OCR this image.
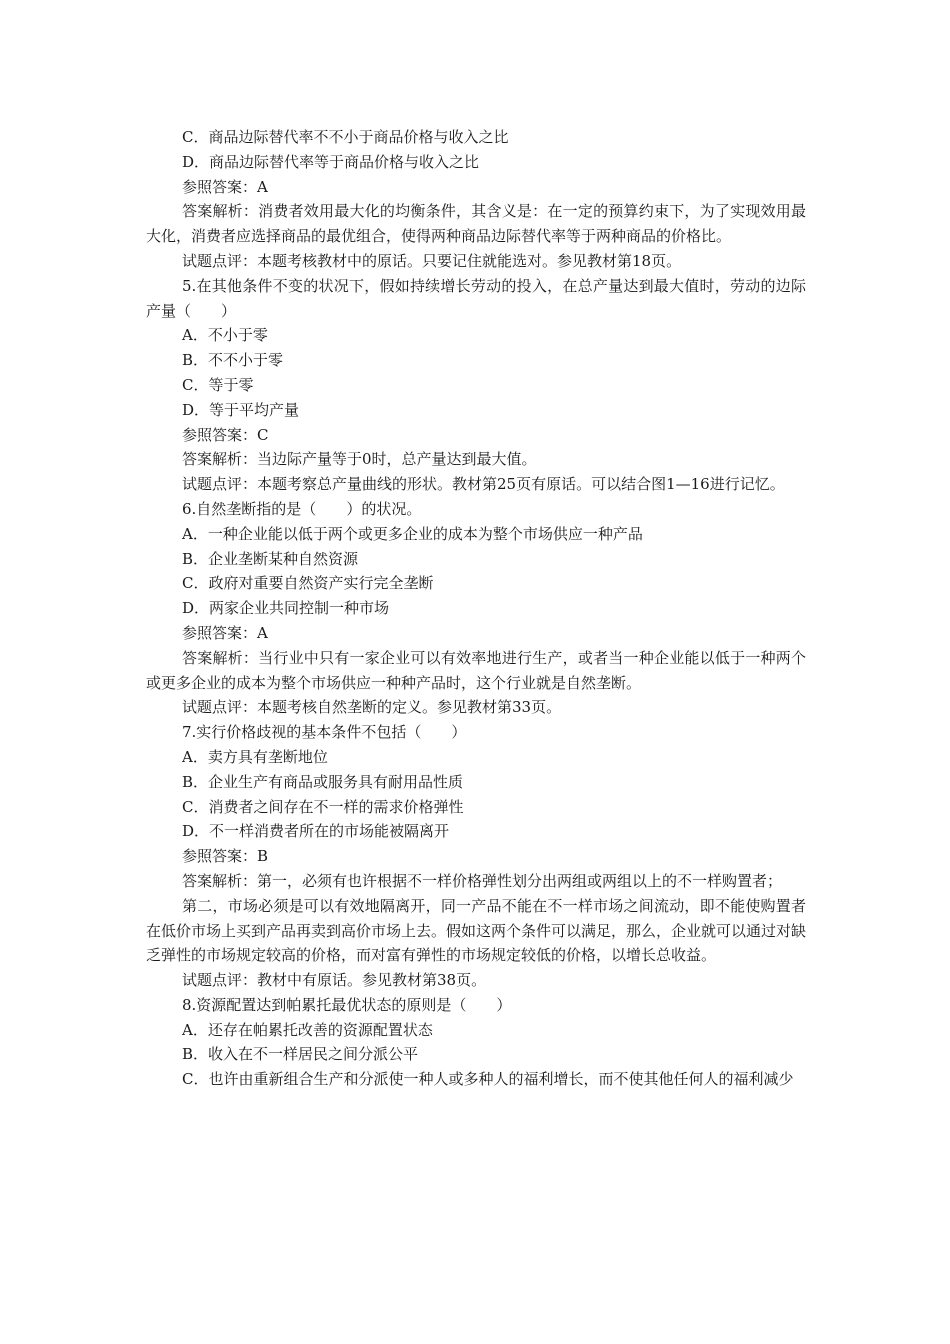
C．商品边际替代率不不小于商品价格与收入之比

D．商品边际替代率等于商品价格与收入之比

参照答案：A

答案解析：消费者效用最大化的均衡条件，其含义是：在一定的预算约束下，为了实现效用最大化，消费者应选择商品的最优组合，使得两种商品边际替代率等于两种商品的价格比。

试题点评：本题考核教材中的原话。只要记住就能选对。参见教材第18页。

5.在其他条件不变的状况下，假如持续增长劳动的投入，在总产量达到最大值时，劳动的边际产量（　　）

A．不小于零

B．不不小于零

C．等于零

D．等于平均产量

参照答案：C

答案解析：当边际产量等于0时，总产量达到最大值。

试题点评：本题考察总产量曲线的形状。教材第25页有原话。可以结合图1—16进行记忆。

6.自然垄断指的是（　　）的状况。

A．一种企业能以低于两个或更多企业的成本为整个市场供应一种产品

B．企业垄断某种自然资源

C．政府对重要自然资产实行完全垄断

D．两家企业共同控制一种市场

参照答案：A

答案解析：当行业中只有一家企业可以有效率地进行生产，或者当一种企业能以低于一种两个或更多企业的成本为整个市场供应一种种产品时，这个行业就是自然垄断。

试题点评：本题考核自然垄断的定义。参见教材第33页。

7.实行价格歧视的基本条件不包括（　　）

A．卖方具有垄断地位

B．企业生产有商品或服务具有耐用品性质

C．消费者之间存在不一样的需求价格弹性

D．不一样消费者所在的市场能被隔离开

参照答案：B

答案解析：第一，必须有也许根据不一样价格弹性划分出两组或两组以上的不一样购置者；

第二，市场必须是可以有效地隔离开，同一产品不能在不一样市场之间流动，即不能使购置者在低价市场上买到产品再卖到高价市场上去。假如这两个条件可以满足，那么，企业就可以通过对缺乏弹性的市场规定较高的价格，而对富有弹性的市场规定较低的价格，以增长总收益。

试题点评：教材中有原话。参见教材第38页。

8.资源配置达到帕累托最优状态的原则是（　　）

A．还存在帕累托改善的资源配置状态

B．收入在不一样居民之间分派公平

C．也许由重新组合生产和分派使一种人或多种人的福利增长，而不使其他任何人的福利减少
